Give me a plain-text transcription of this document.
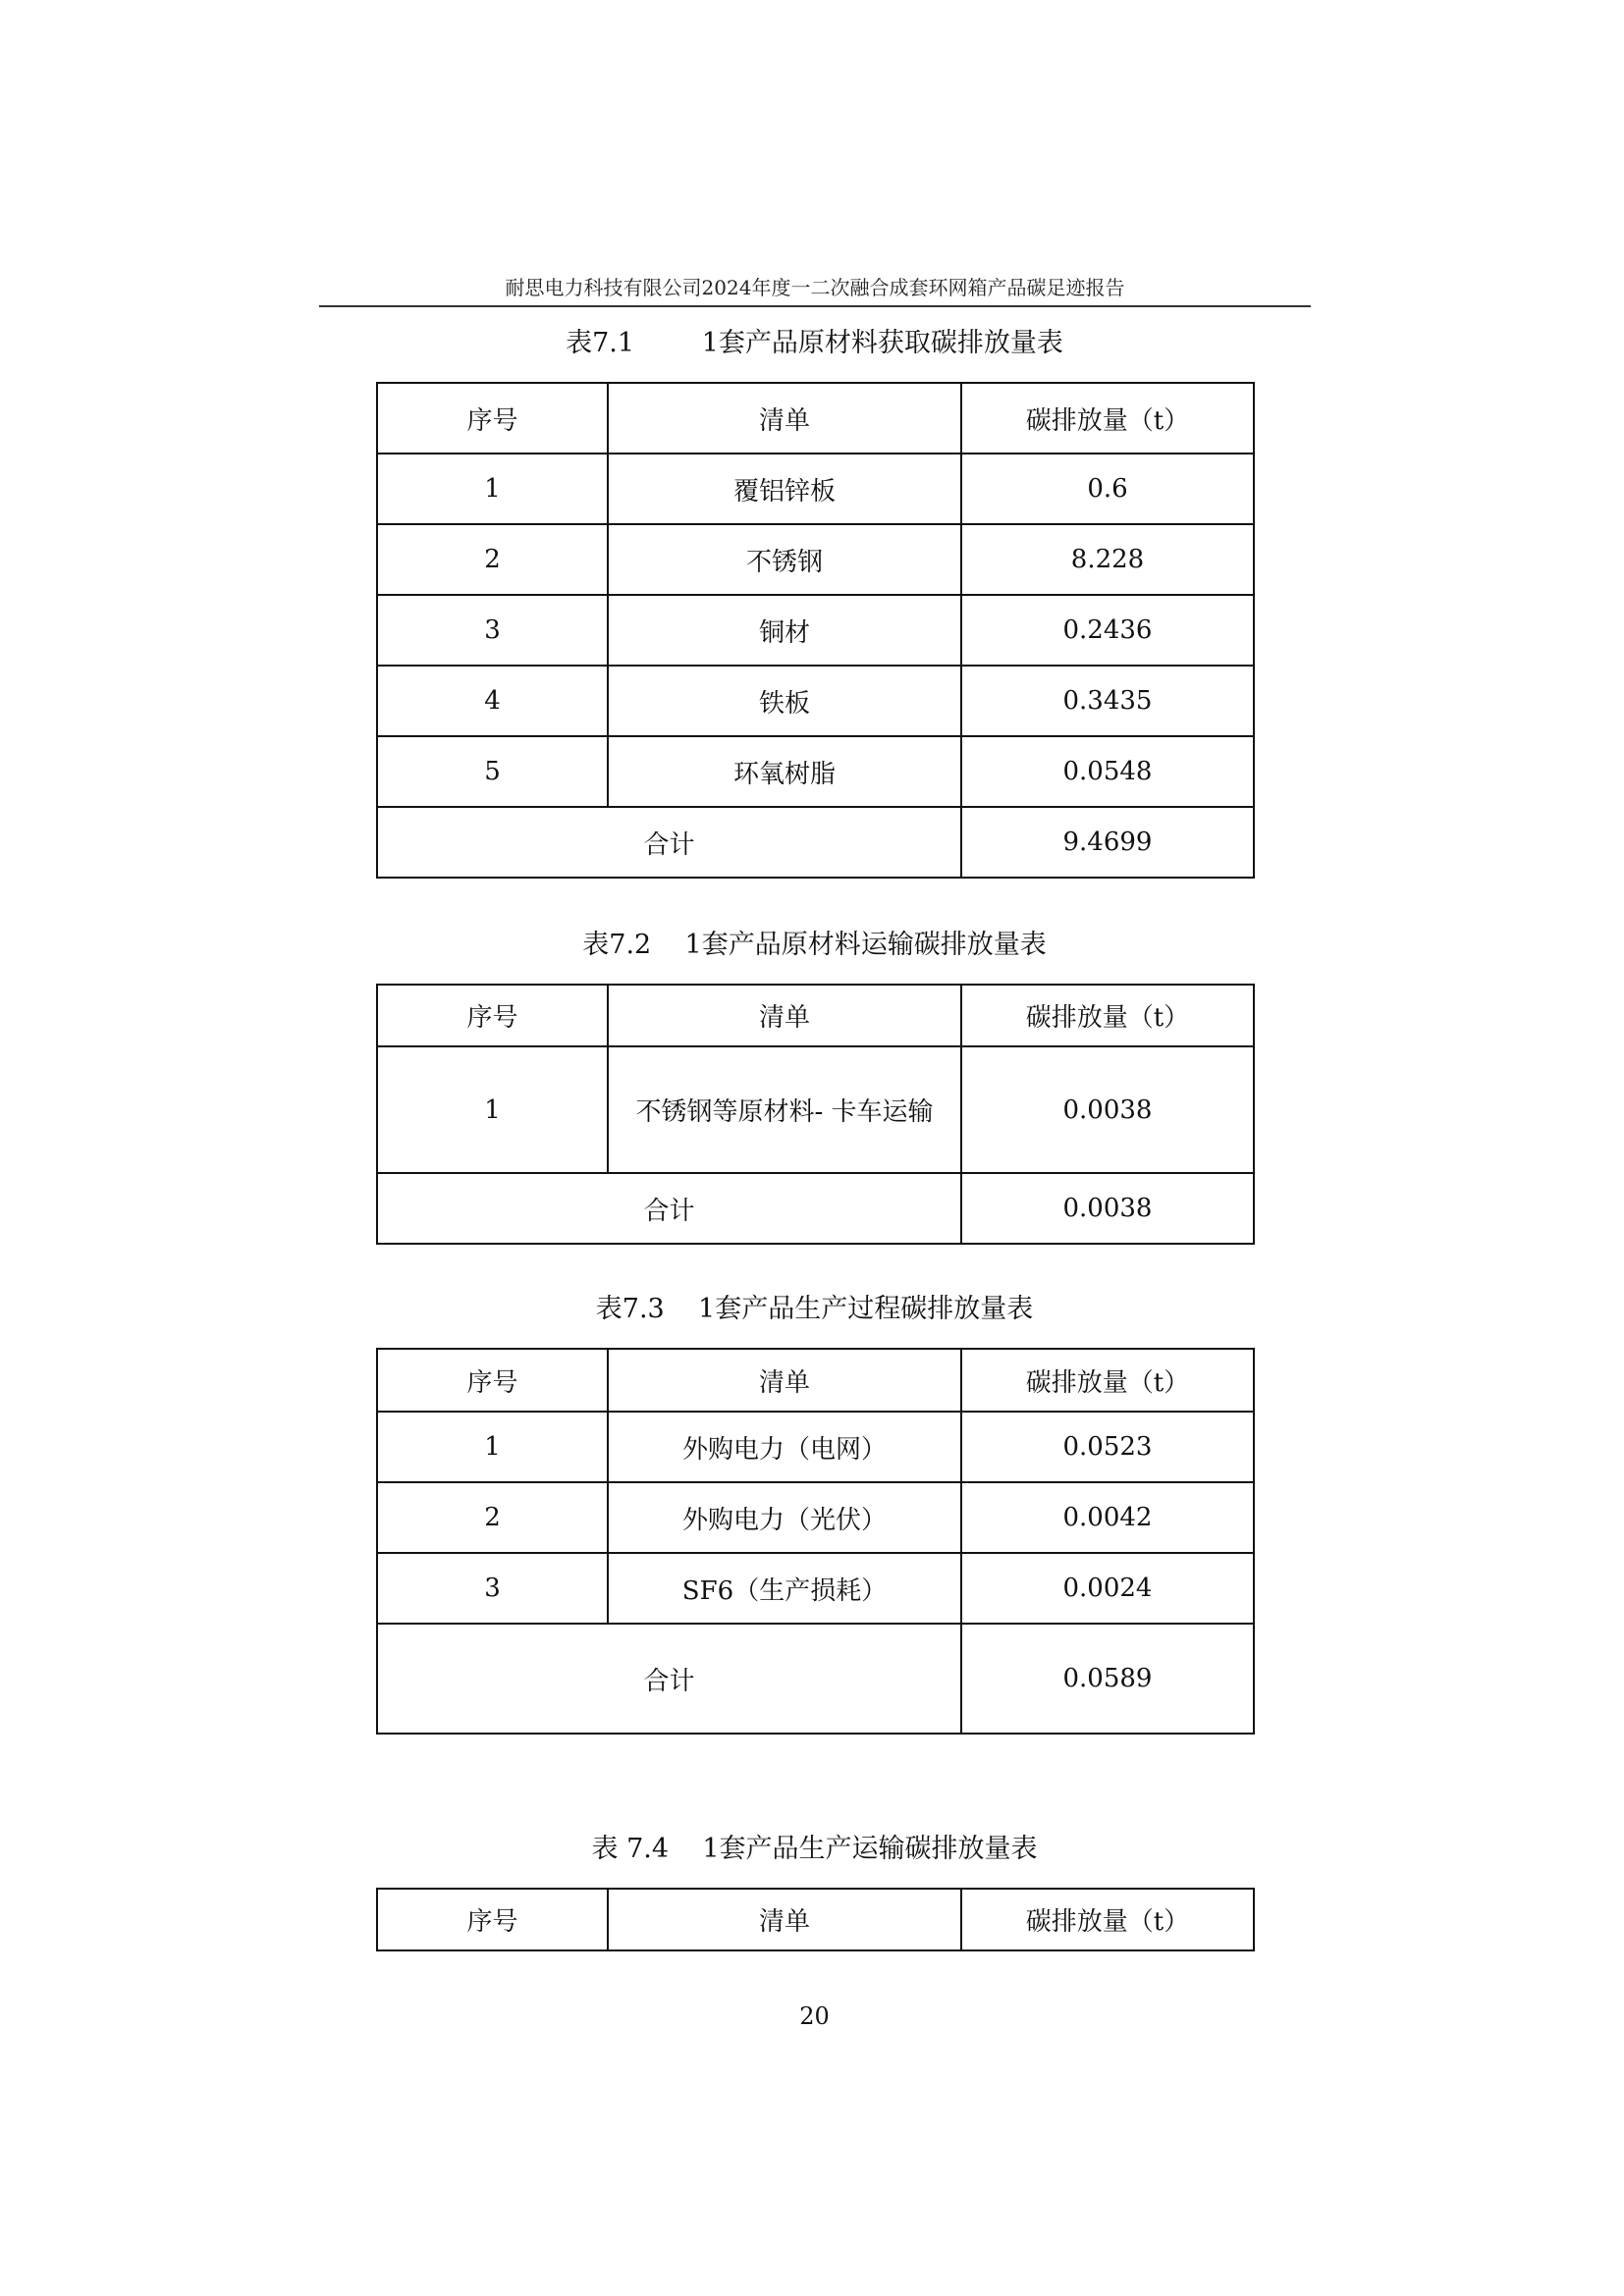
耐思电力科技有限公司2024年度一二次融合成套环网箱产品碳足迹报告
表7.1        1套产品原材料获取碳排放量表
序号	清单	碳排放量（t）
1	覆铝锌板	0.6
2	不锈钢	8.228
3	铜材	0.2436
4	铁板	0.3435
5	环氧树脂	0.0548
合计		9.4699
表7.2    1套产品原材料运输碳排放量表
序号	清单	碳排放量（t）
1	不锈钢等原材料- 卡车运输	0.0038
合计		0.0038
表7.3    1套产品生产过程碳排放量表
序号	清单	碳排放量（t）
1	外购电力（电网）	0.0523
2	外购电力（光伏）	0.0042
3	SF6（生产损耗）	0.0024
合计		0.0589
表 7.4    1套产品生产运输碳排放量表
序号	清单	碳排放量（t）
20
